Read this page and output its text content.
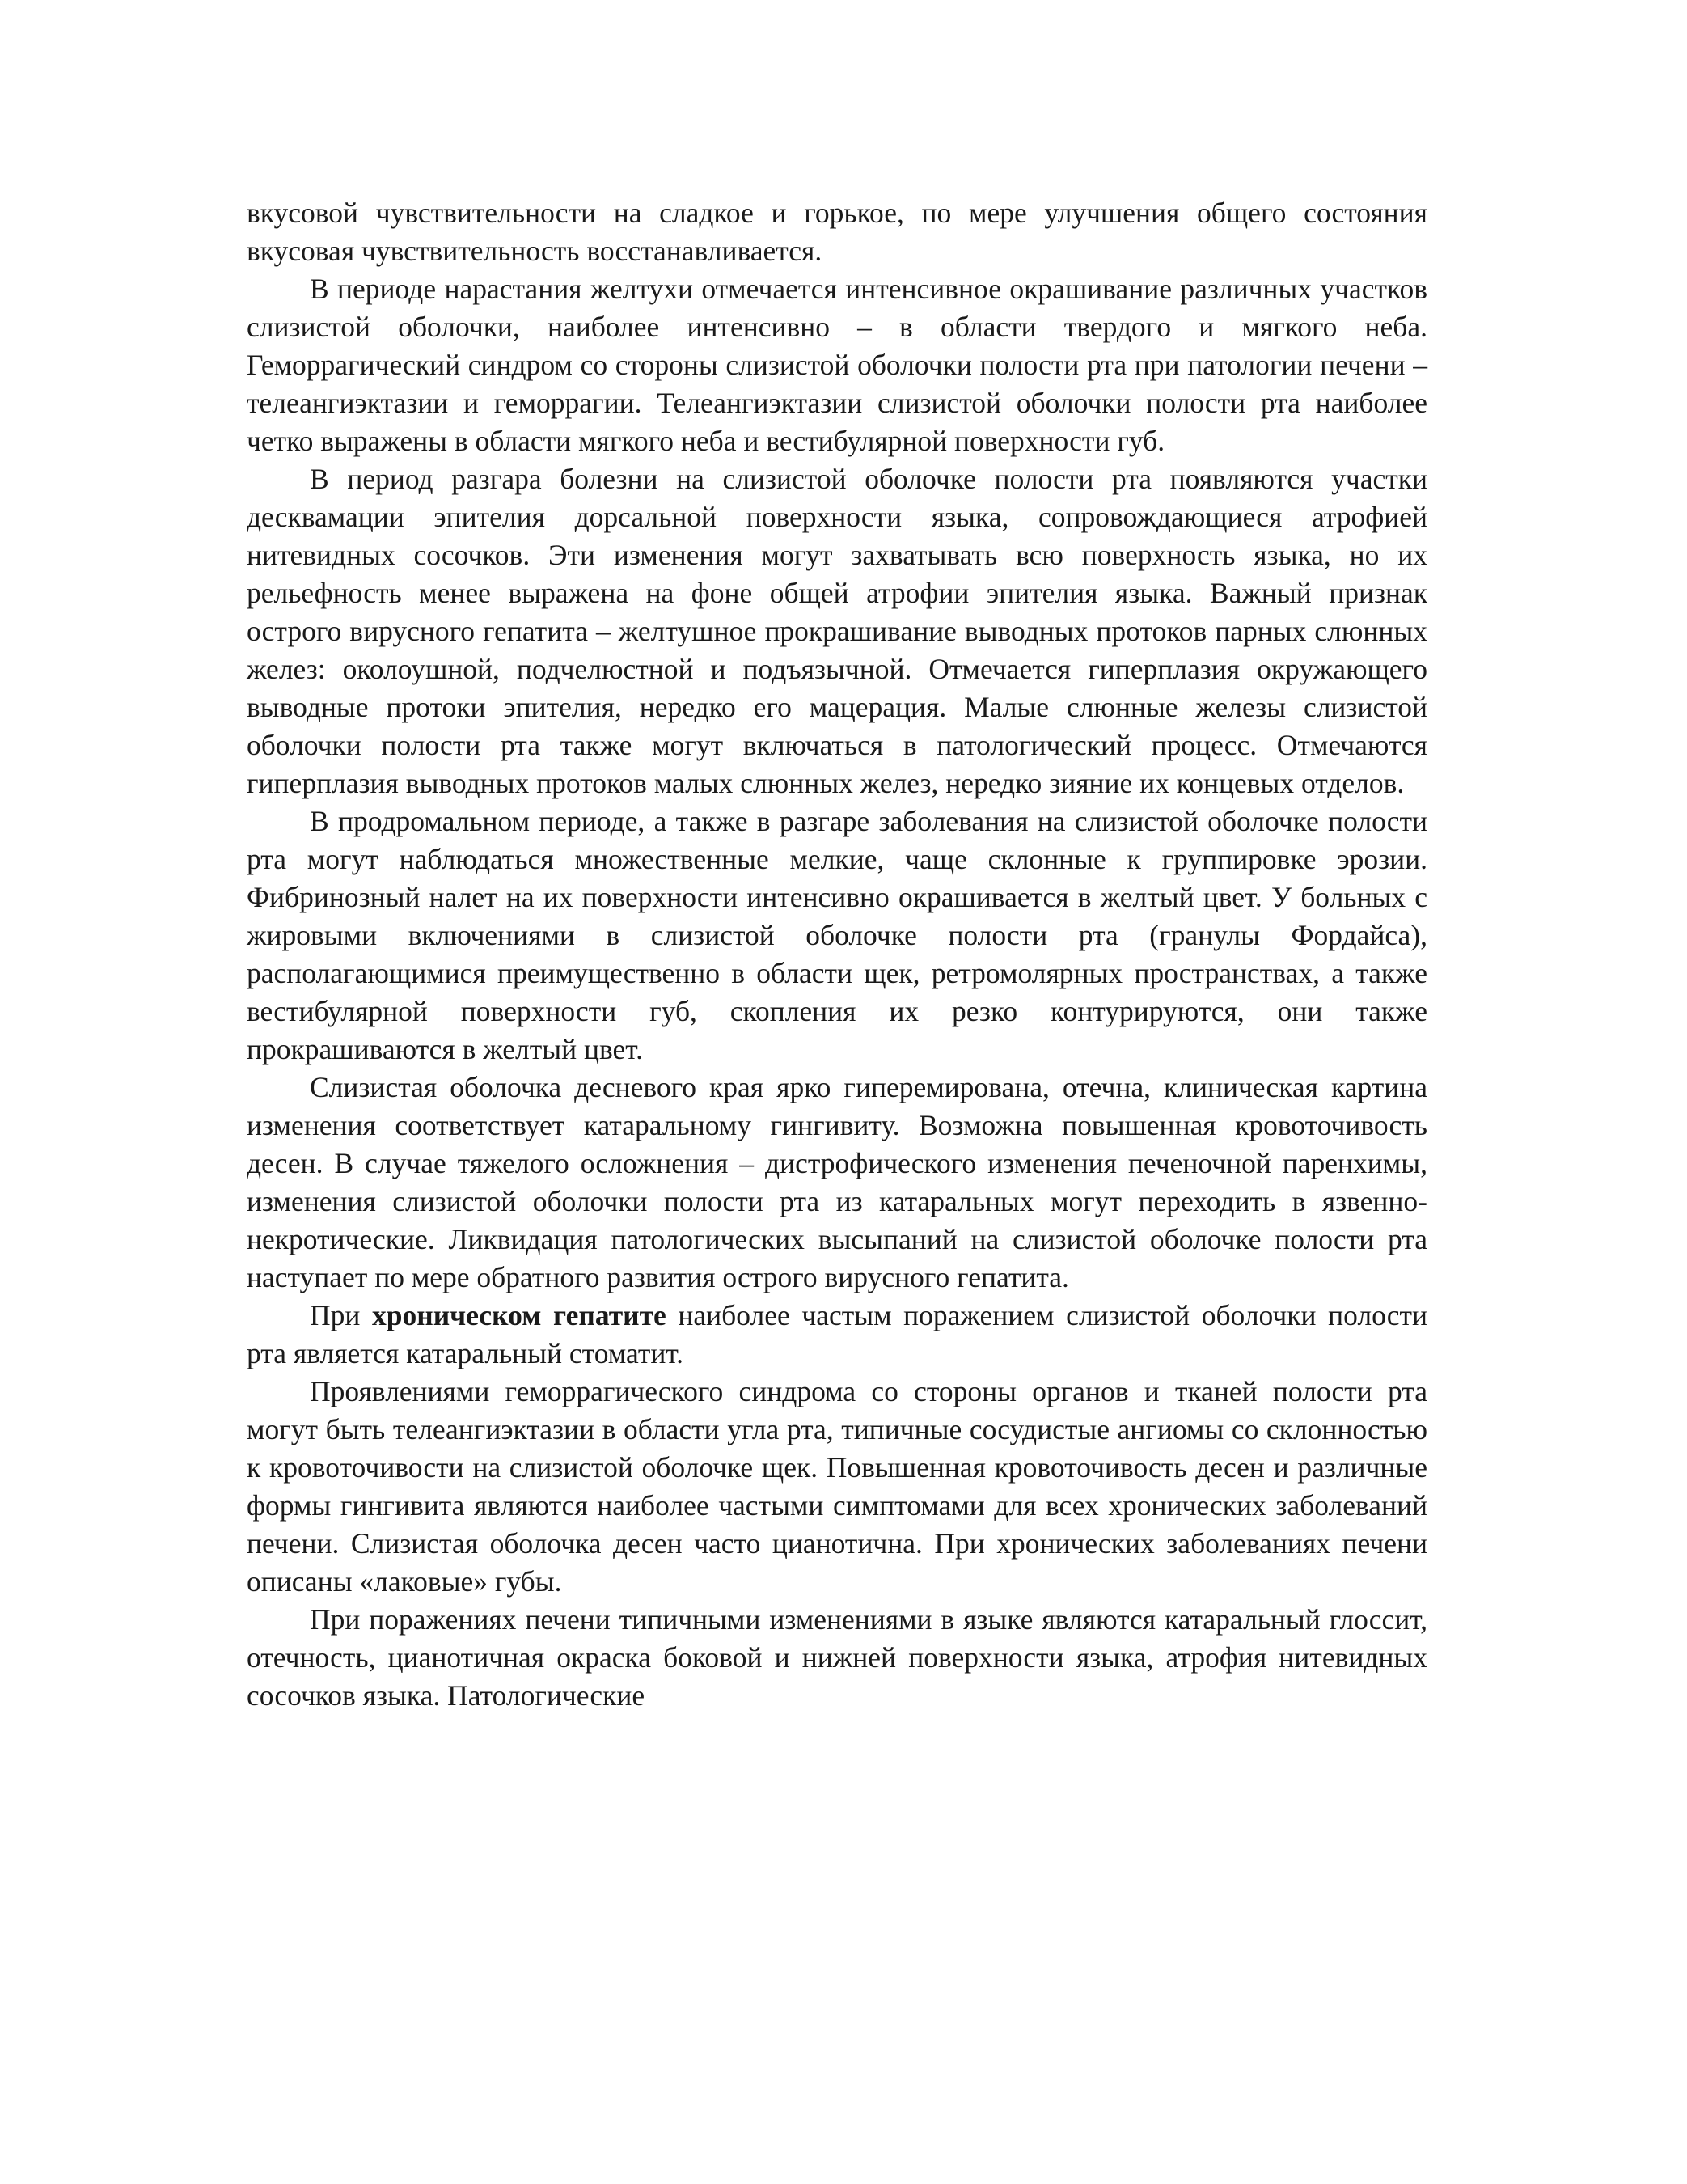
вкусовой чувствительности на сладкое и горькое, по мере улучшения общего состояния вкусовая чувствительность восстанавливается.

В периоде нарастания желтухи отмечается интенсивное окрашивание различных участков слизистой оболочки, наиболее интенсивно – в области твердого и мягкого неба. Геморрагический синдром со стороны слизистой оболочки полости рта при патологии печени – телеангиэктазии и геморрагии. Телеангиэктазии слизистой оболочки полости рта наиболее четко выражены в области мягкого неба и вестибулярной поверхности губ.

В период разгара болезни на слизистой оболочке полости рта появляются участки десквамации эпителия дорсальной поверхности языка, сопровождающиеся атрофией нитевидных сосочков. Эти изменения могут захватывать всю поверхность языка, но их рельефность менее выражена на фоне общей атрофии эпителия языка. Важный признак острого вирусного гепатита – желтушное прокрашивание выводных протоков парных слюнных желез: околоушной, подчелюстной и подъязычной. Отмечается гиперплазия окружающего выводные протоки эпителия, нередко его мацерация. Малые слюнные железы слизистой оболочки полости рта также могут включаться в патологический процесс. Отмечаются гиперплазия выводных протоков малых слюнных желез, нередко зияние их концевых отделов.

В продромальном периоде, а также в разгаре заболевания на слизистой оболочке полости рта могут наблюдаться множественные мелкие, чаще склонные к группировке эрозии. Фибринозный налет на их поверхности интенсивно окрашивается в желтый цвет. У больных с жировыми включениями в слизистой оболочке полости рта (гранулы Фордайса), располагающимися преимущественно в области щек, ретромолярных пространствах, а также вестибулярной поверхности губ, скопления их резко контурируются, они также прокрашиваются в желтый цвет.

Слизистая оболочка десневого края ярко гиперемирована, отечна, клиническая картина изменения соответствует катаральному гингивиту. Возможна повышенная кровоточивость десен. В случае тяжелого осложнения – дистрофического изменения печеночной паренхимы, изменения слизистой оболочки полости рта из катаральных могут переходить в язвенно-некротические. Ликвидация патологических высыпаний на слизистой оболочке полости рта наступает по мере обратного развития острого вирусного гепатита.

При хроническом гепатите наиболее частым поражением слизистой оболочки полости рта является катаральный стоматит.

Проявлениями геморрагического синдрома со стороны органов и тканей полости рта могут быть телеангиэктазии в области угла рта, типичные сосудистые ангиомы со склонностью к кровоточивости на слизистой оболочке щек. Повышенная кровоточивость десен и различные формы гингивита являются наиболее частыми симптомами для всех хронических заболеваний печени. Слизистая оболочка десен часто цианотична. При хронических заболеваниях печени описаны «лаковые» губы.

При поражениях печени типичными изменениями в языке являются катаральный глоссит, отечность, цианотичная окраска боковой и нижней поверхности языка, атрофия нитевидных сосочков языка. Патологические
